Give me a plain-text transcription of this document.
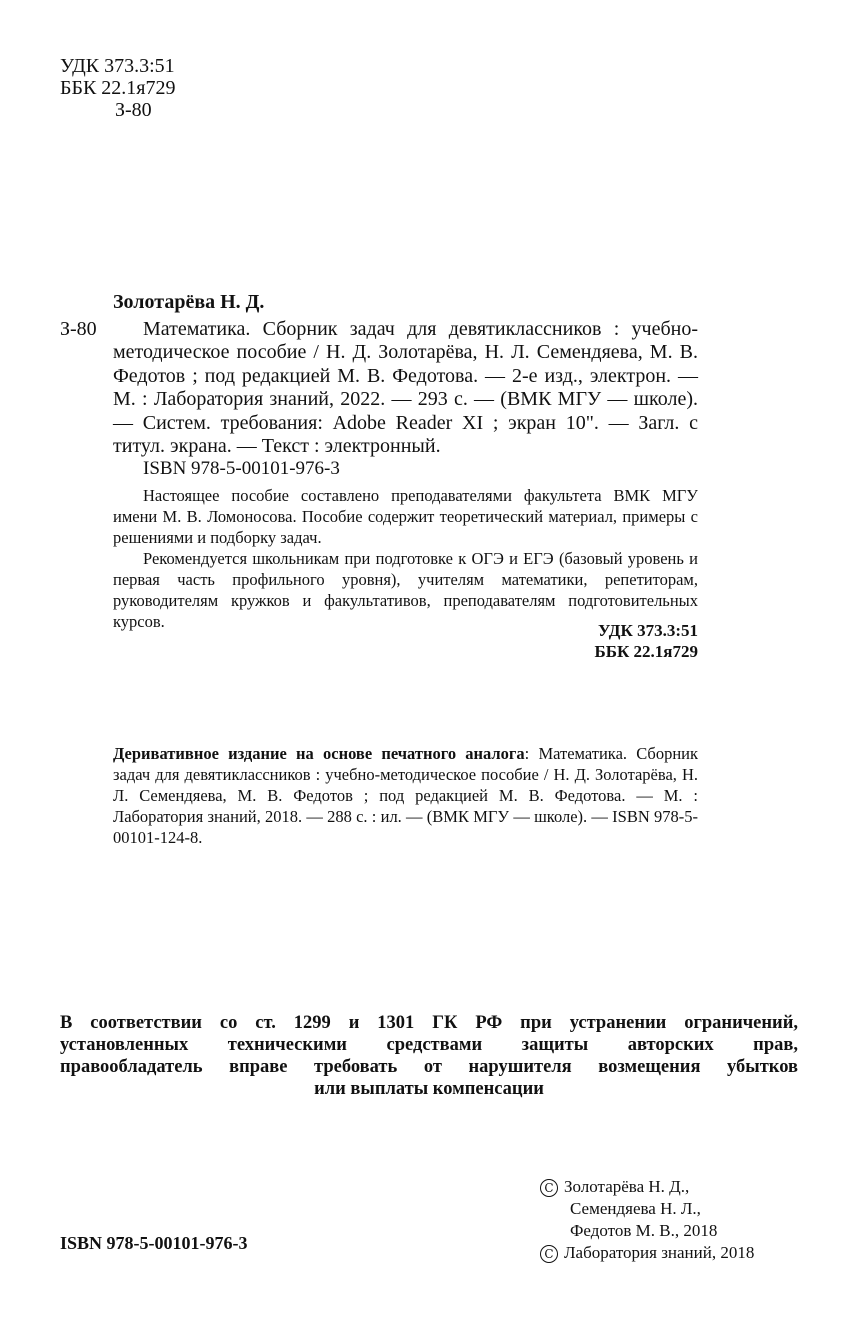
УДК 373.3:51
ББК 22.1я729
З-80
Золотарёва Н. Д.
З-80	Математика. Сборник задач для девятиклассников : учебно-методическое пособие / Н. Д. Золотарёва, Н. Л. Семендяева, М. В. Федотов ; под редакцией М. В. Федотова. — 2-е изд., электрон. — М. : Лаборатория знаний, 2022. — 293 с. — (ВМК МГУ — школе). — Систем. требования: Adobe Reader XI ; экран 10". — Загл. с титул. экрана. — Текст : электронный.
ISBN 978-5-00101-976-3
Настоящее пособие составлено преподавателями факультета ВМК МГУ имени М. В. Ломоносова. Пособие содержит теоретический материал, примеры с решениями и подборку задач.
Рекомендуется школьникам при подготовке к ОГЭ и ЕГЭ (базовый уровень и первая часть профильного уровня), учителям математики, репетиторам, руководителям кружков и факультативов, преподавателям подготовительных курсов.	УДК 373.3:51
ББК 22.1я729
Деривативное издание на основе печатного аналога: Математика. Сборник задач для девятиклассников : учебно-методическое пособие / Н. Д. Золотарёва, Н. Л. Семендяева, М. В. Федотов ; под редакцией М. В. Федотова. — М. : Лаборатория знаний, 2018. — 288 с. : ил. — (ВМК МГУ — школе). — ISBN 978-5-00101-124-8.
В соответствии со ст. 1299 и 1301 ГК РФ при устранении ограничений,
установленных техническими средствами защиты авторских прав,
правообладатель вправе требовать от нарушителя возмещения убытков
или выплаты компенсации
ISBN 978-5-00101-976-3
C Золотарёва Н. Д.,
Семендяева Н. Л.,
Федотов М. В., 2018
C Лаборатория знаний, 2018
